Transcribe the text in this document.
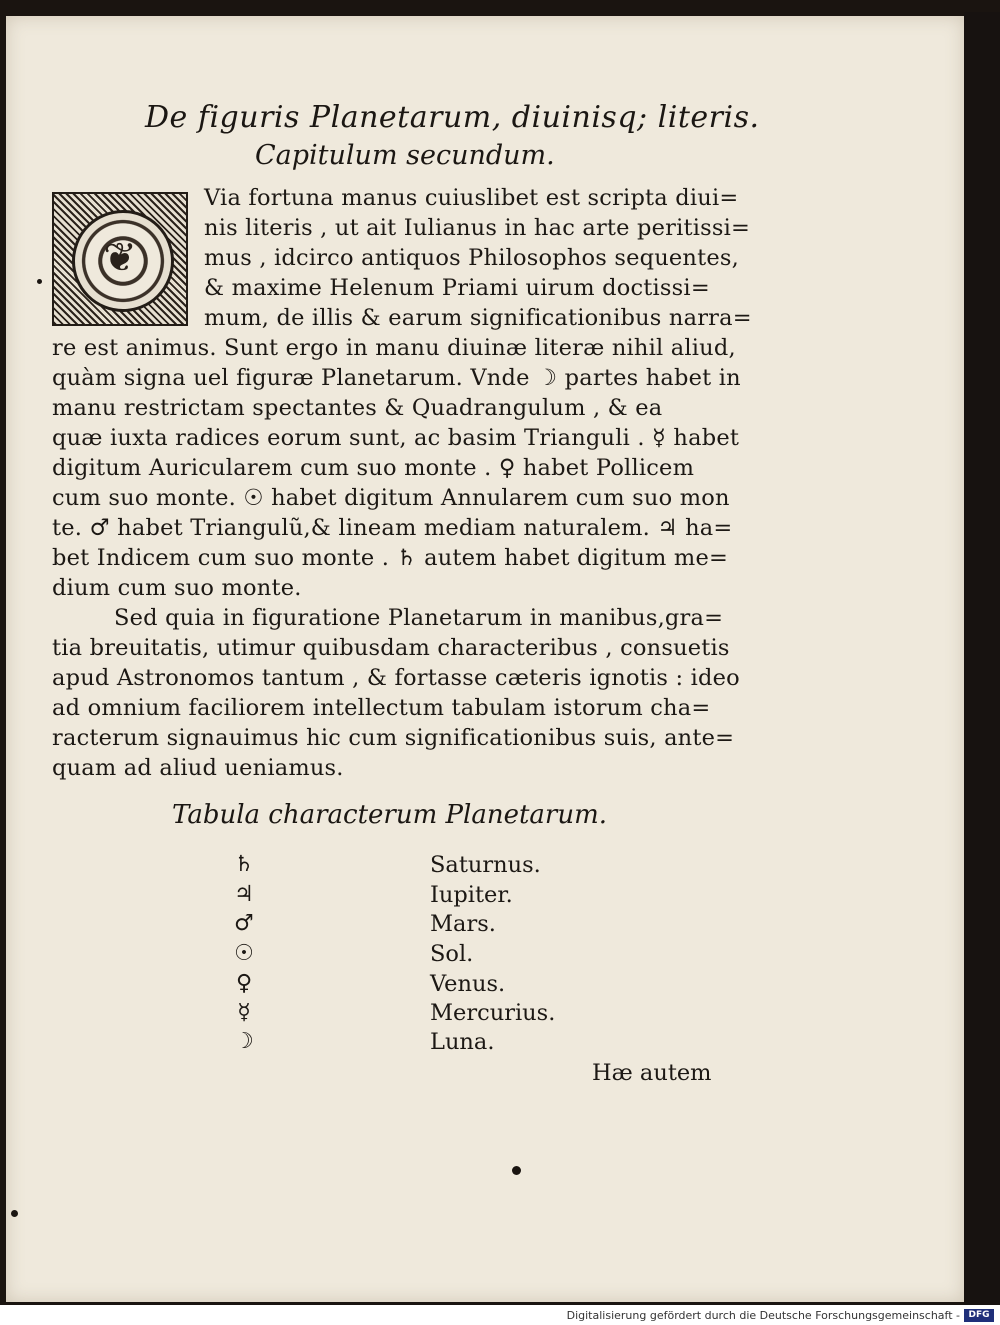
De figuris Planetarum, diuinisq; literis.
Capitulum secundum.
❦
Via fortuna manus cuiuslibet est scripta diui=
nis literis , ut ait Iulianus in hac arte peritissi=
mus , idcirco antiquos Philosophos sequentes,
& maxime Helenum Priami uirum doctissi=
mum, de illis & earum significationibus narra=
re est animus. Sunt ergo in manu diuinæ literæ nihil aliud,
quàm signa uel figuræ Planetarum. Vnde ☽ partes habet in
manu restrictam spectantes & Quadrangulum , & ea
quæ iuxta radices eorum sunt, ac basim Trianguli . ☿ habet
digitum Auricularem cum suo monte . ♀ habet Pollicem
cum suo monte. ☉ habet digitum Annularem cum suo mon
te. ♂ habet Triangulũ,& lineam mediam naturalem. ♃ ha=
bet Indicem cum suo monte . ♄ autem habet digitum me=
dium cum suo monte.
Sed quia in figuratione Planetarum in manibus,gra=
tia breuitatis, utimur quibusdam characteribus , consuetis
apud Astronomos tantum , & fortasse cæteris ignotis : ideo
ad omnium faciliorem intellectum tabulam istorum cha=
racterum signauimus hic cum significationibus suis, ante=
quam ad aliud ueniamus.
Tabula characterum Planetarum.
♄	Saturnus.
♃	Iupiter.
♂	Mars.
☉	Sol.
♀	Venus.
☿	Mercurius.
☽	Luna.
Hæ autem
Digitalisierung gefördert durch die Deutsche Forschungsgemeinschaft - DFG
